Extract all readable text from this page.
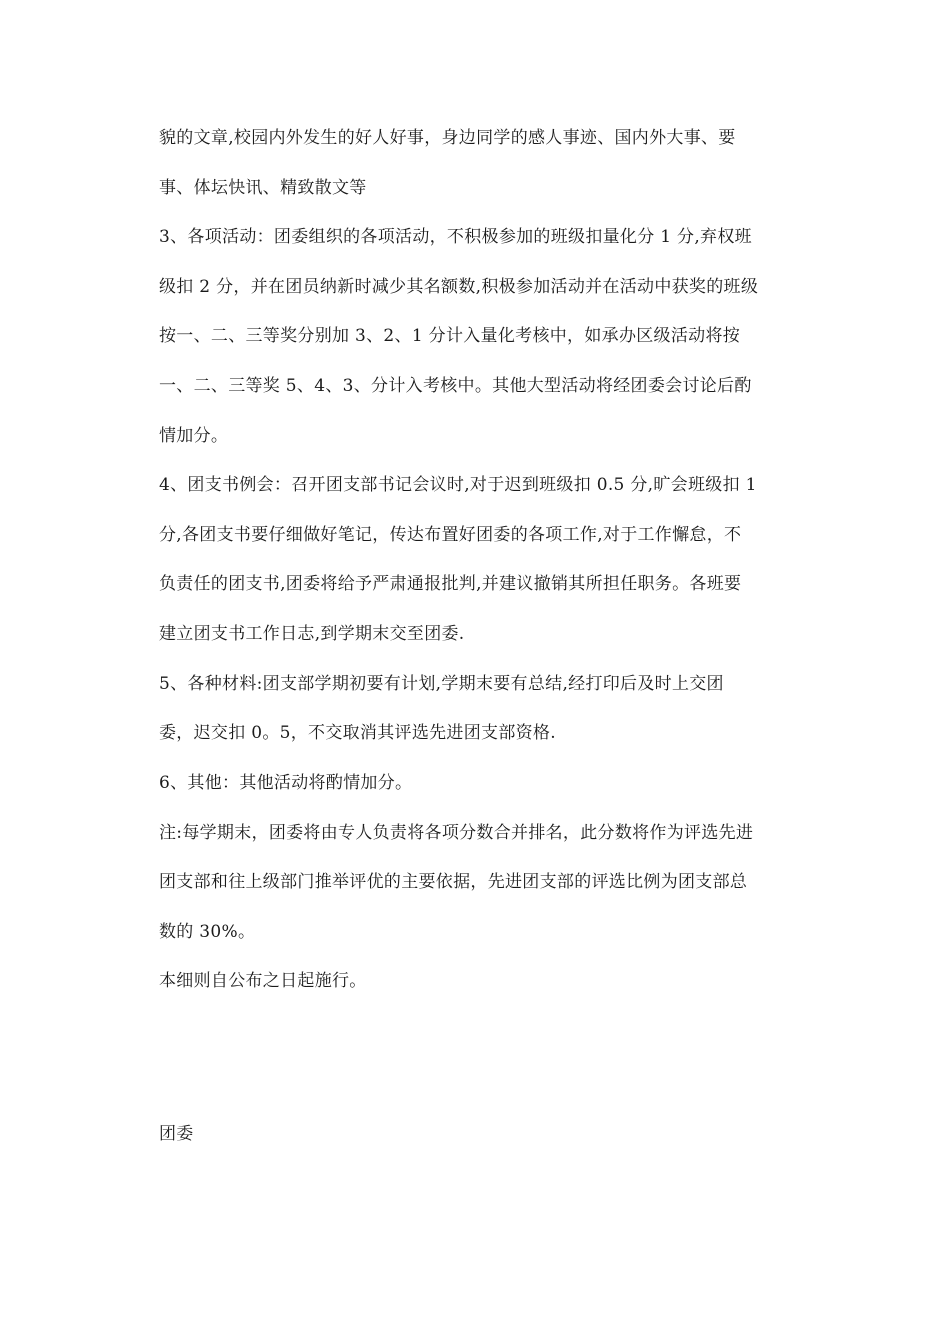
貌的文章,校园内外发生的好人好事，身边同学的感人事迹、国内外大事、要
事、体坛快讯、精致散文等
3、各项活动：团委组织的各项活动，不积极参加的班级扣量化分 1 分,弃权班
级扣 2 分，并在团员纳新时减少其名额数,积极参加活动并在活动中获奖的班级
按一、二、三等奖分别加 3、2、1 分计入量化考核中，如承办区级活动将按
一、二、三等奖 5、4、3、分计入考核中。其他大型活动将经团委会讨论后酌
情加分。
4、团支书例会：召开团支部书记会议时,对于迟到班级扣 0.5 分,旷会班级扣 1
分,各团支书要仔细做好笔记，传达布置好团委的各项工作,对于工作懈怠，不
负责任的团支书,团委将给予严肃通报批判,并建议撤销其所担任职务。各班要
建立团支书工作日志,到学期末交至团委.
5、各种材料:团支部学期初要有计划,学期末要有总结,经打印后及时上交团
委，迟交扣 0。5，不交取消其评选先进团支部资格.
6、其他：其他活动将酌情加分。
注:每学期末，团委将由专人负责将各项分数合并排名，此分数将作为评选先进
团支部和往上级部门推举评优的主要依据，先进团支部的评选比例为团支部总
数的 30%。
本细则自公布之日起施行。
团委
